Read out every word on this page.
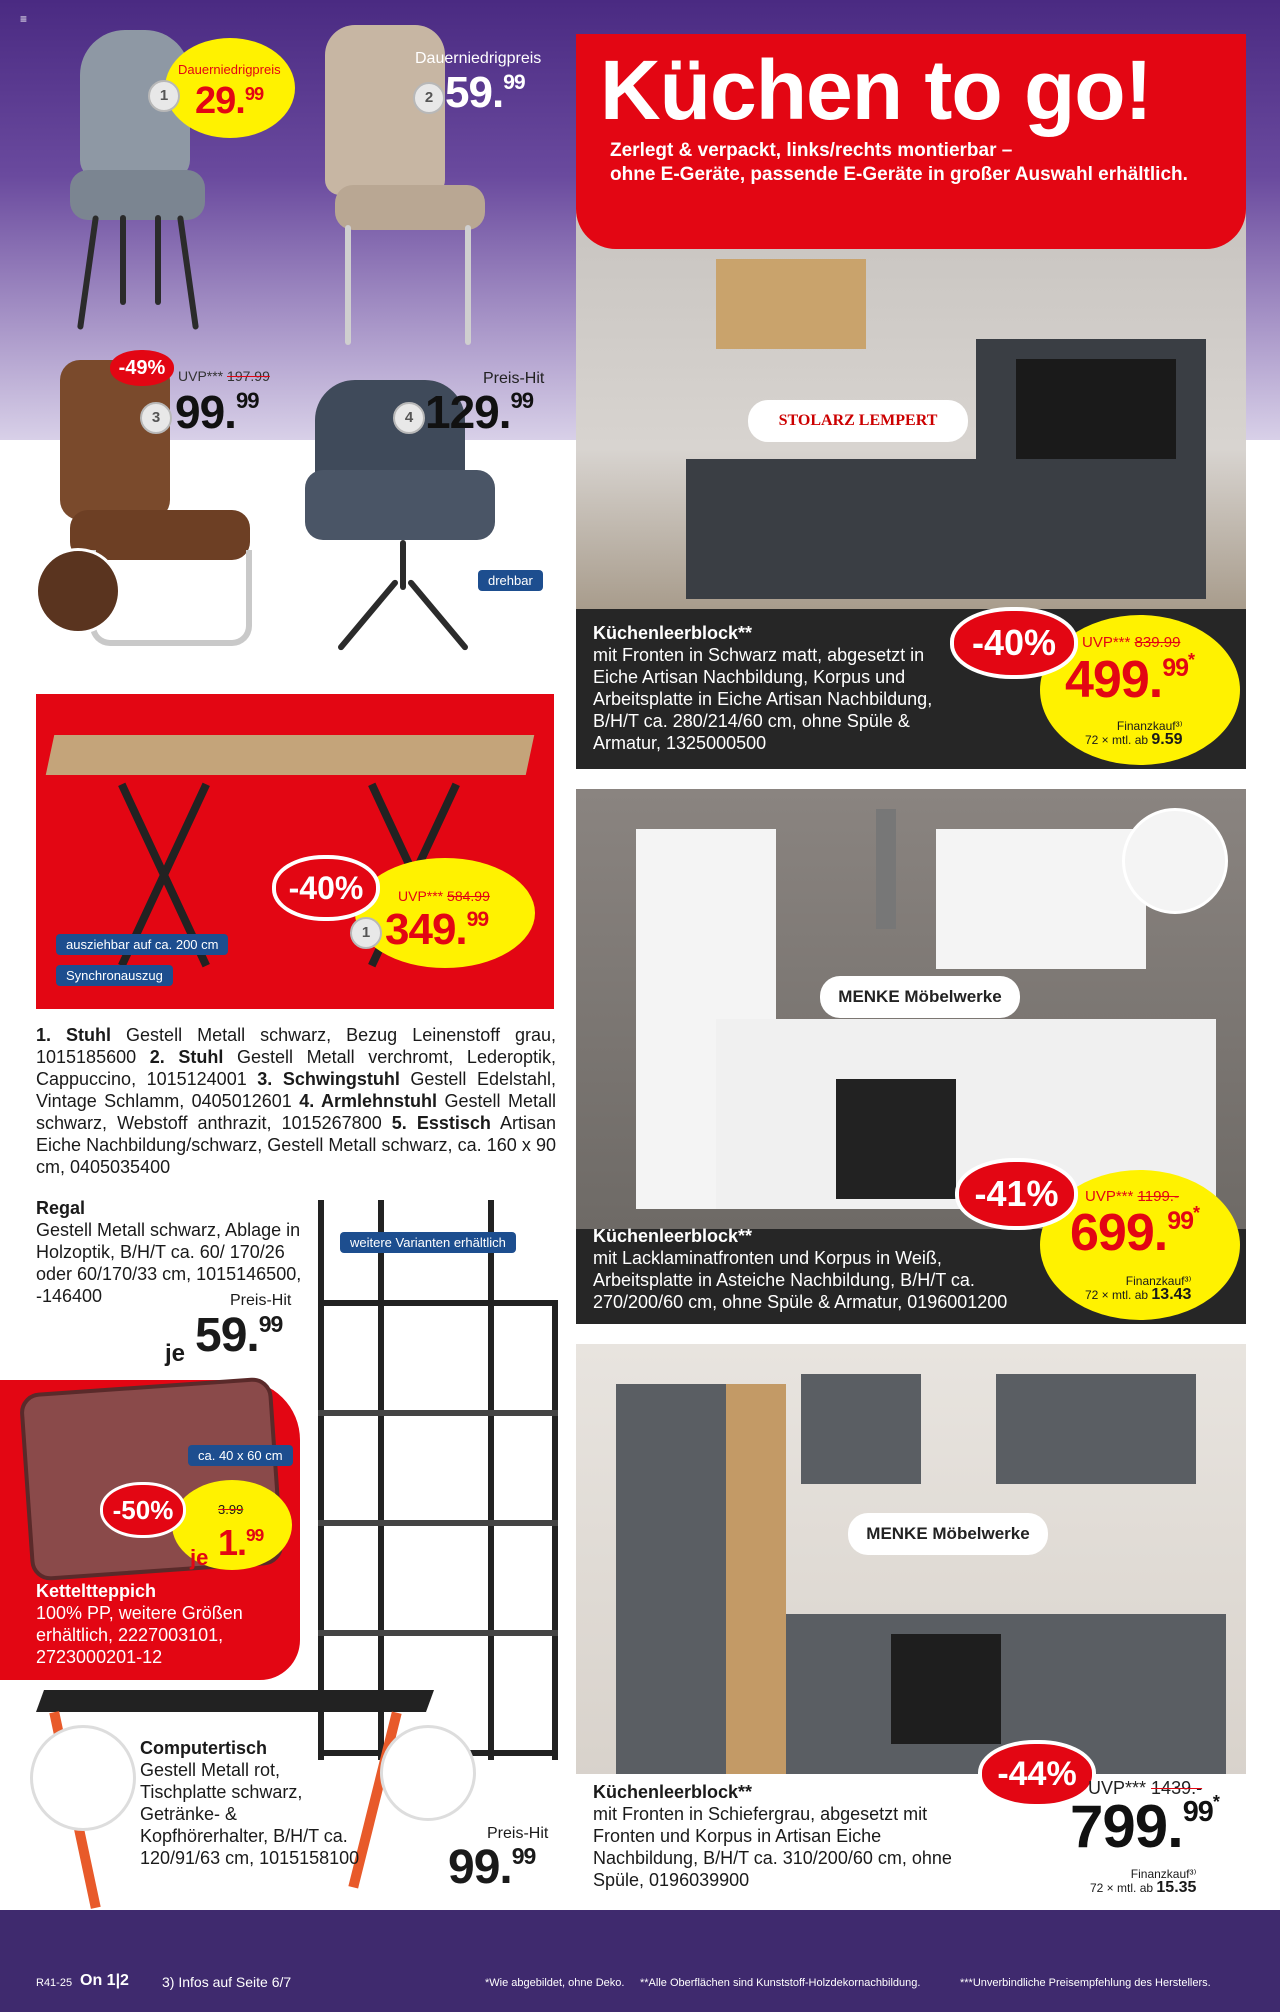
≡
Dauerniedrigpreis
1 29.99
Dauerniedrigpreis
2 59.99
-49% UVP*** 197.99
3 99.99
Preis-Hit
4 129.99
drehbar
-40%	UVP*** 584.99
1 349.99
ausziehbar auf ca. 200 cm
Synchronauszug
1. Stuhl Gestell Metall schwarz, Bezug Leinenstoff grau, 1015185600 2. Stuhl Gestell Metall verchromt, Lederoptik, Cappuccino, 1015124001 3. Schwingstuhl Gestell Edelstahl, Vintage Schlamm, 0405012601 4. Armlehnstuhl Gestell Metall schwarz, Webstoff anthrazit, 1015267800 5. Esstisch Artisan Eiche Nachbildung/schwarz, Gestell Metall schwarz, ca. 160 x 90 cm, 0405035400
Regal
Gestell Metall schwarz, Ablage in Holzoptik, B/H/T ca. 60/ 170/26 oder 60/170/33 cm, 1015146500, -146400	Preis-Hit
je 59.99
weitere Varianten erhältlich
ca. 40 x 60 cm
-50%	3.99
je 1.99
Ketteltteppich
100% PP, weitere Größen erhältlich, 2227003101, 2723000201-12
Computertisch
Gestell Metall rot, Tischplatte schwarz, Getränke- & Kopfhörerhalter, B/H/T ca. 120/91/63 cm, 1015158100
Preis-Hit
99.99
Küchen to go!
Zerlegt & verpackt, links/rechts montierbar –
ohne E-Geräte, passende E-Geräte in großer Auswahl erhältlich.
STOLARZ LEMPERT
Küchenleerblock**
mit Fronten in Schwarz matt, abgesetzt in Eiche Artisan Nachbildung, Korpus und Arbeitsplatte in Eiche Artisan Nachbildung, B/H/T ca. 280/214/60 cm, ohne Spüle & Armatur, 1325000500
-40%	UVP*** 839.99
499.$^{99*}$
Finanzkauf³⁾
72 × mtl. ab 9.59
MENKE Möbelwerke
Küchenleerblock**
mit Lacklaminatfronten und Korpus in Weiß, Arbeitsplatte in Asteiche Nachbildung, B/H/T ca. 270/200/60 cm, ohne Spüle & Armatur, 0196001200
-41%	UVP*** 1199.-
699.$^{99*}$
Finanzkauf³⁾
72 × mtl. ab 13.43
MENKE Möbelwerke
Küchenleerblock**
mit Fronten in Schiefergrau, abgesetzt mit Fronten und Korpus in Artisan Eiche Nachbildung, B/H/T ca. 310/200/60 cm, ohne Spüle, 0196039900
-44% UVP*** 1439.-
799.$^{99*}$
Finanzkauf³⁾
72 × mtl. ab 15.35
R41-25 On 1|2 3) Infos auf Seite 6/7	*Wie abgebildet, ohne Deko. **Alle Oberflächen sind Kunststoff-Holzdekornachbildung.	***Unverbindliche Preisempfehlung des Herstellers.
